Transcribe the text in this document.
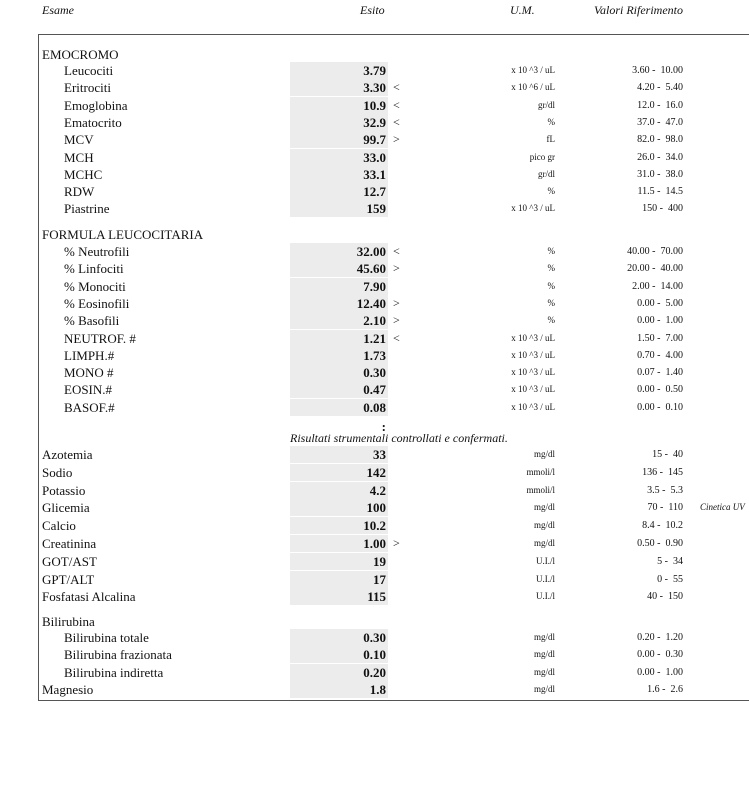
Esame	Esito	U.M.	Valori Riferimento
EMOCROMO
FORMULA LEUCOCITARIA
Bilirubina
Leucociti	3.79	x 10 ^3 / uL	3.60 -  10.00
Eritrociti	3.30 <	x 10 ^6 / uL	4.20 -  5.40
Emoglobina	10.9 <	gr/dl	12.0 -  16.0
Ematocrito	32.9 <	%	37.0 -  47.0
MCV	99.7 >	fL	82.0 -  98.0
MCH	33.0	pico gr	26.0 -  34.0
MCHC	33.1	gr/dl	31.0 -  38.0
RDW	12.7	%	11.5 -  14.5
Piastrine	159	x 10 ^3 / uL	150 -  400
% Neutrofili	32.00 <	%	40.00 -  70.00
% Linfociti	45.60 >	%	20.00 -  40.00
% Monociti	7.90	%	2.00 -  14.00
% Eosinofili	12.40 >	%	0.00 -  5.00
% Basofili	2.10 >	%	0.00 -  1.00
NEUTROF. #	1.21 <	x 10 ^3 / uL	1.50 -  7.00
LIMPH.#	1.73	x 10 ^3 / uL	0.70 -  4.00
MONO #	0.30	x 10 ^3 / uL	0.07 -  1.40
EOSIN.#	0.47	x 10 ^3 / uL	0.00 -  0.50
BASOF.#	0.08	x 10 ^3 / uL	0.00 -  0.10
:
Risultati strumentali controllati e confermati.
Azotemia	33	mg/dl	15 -  40
Sodio	142	mmoli/l	136 -  145
Potassio	4.2	mmoli/l	3.5 -  5.3
Glicemia	100	mg/dl	70 -  110 Cinetica UV
Calcio	10.2	mg/dl	8.4 -  10.2
Creatinina	1.00 >	mg/dl	0.50 -  0.90
GOT/AST	19	U.I./l	5 -  34
GPT/ALT	17	U.I./l	0 -  55
Fosfatasi Alcalina	115	U.I./l	40 -  150
Bilirubina totale	0.30	mg/dl	0.20 -  1.20
Bilirubina frazionata	0.10	mg/dl	0.00 -  0.30
Bilirubina indiretta	0.20	mg/dl	0.00 -  1.00
Magnesio	1.8	mg/dl	1.6 -  2.6
